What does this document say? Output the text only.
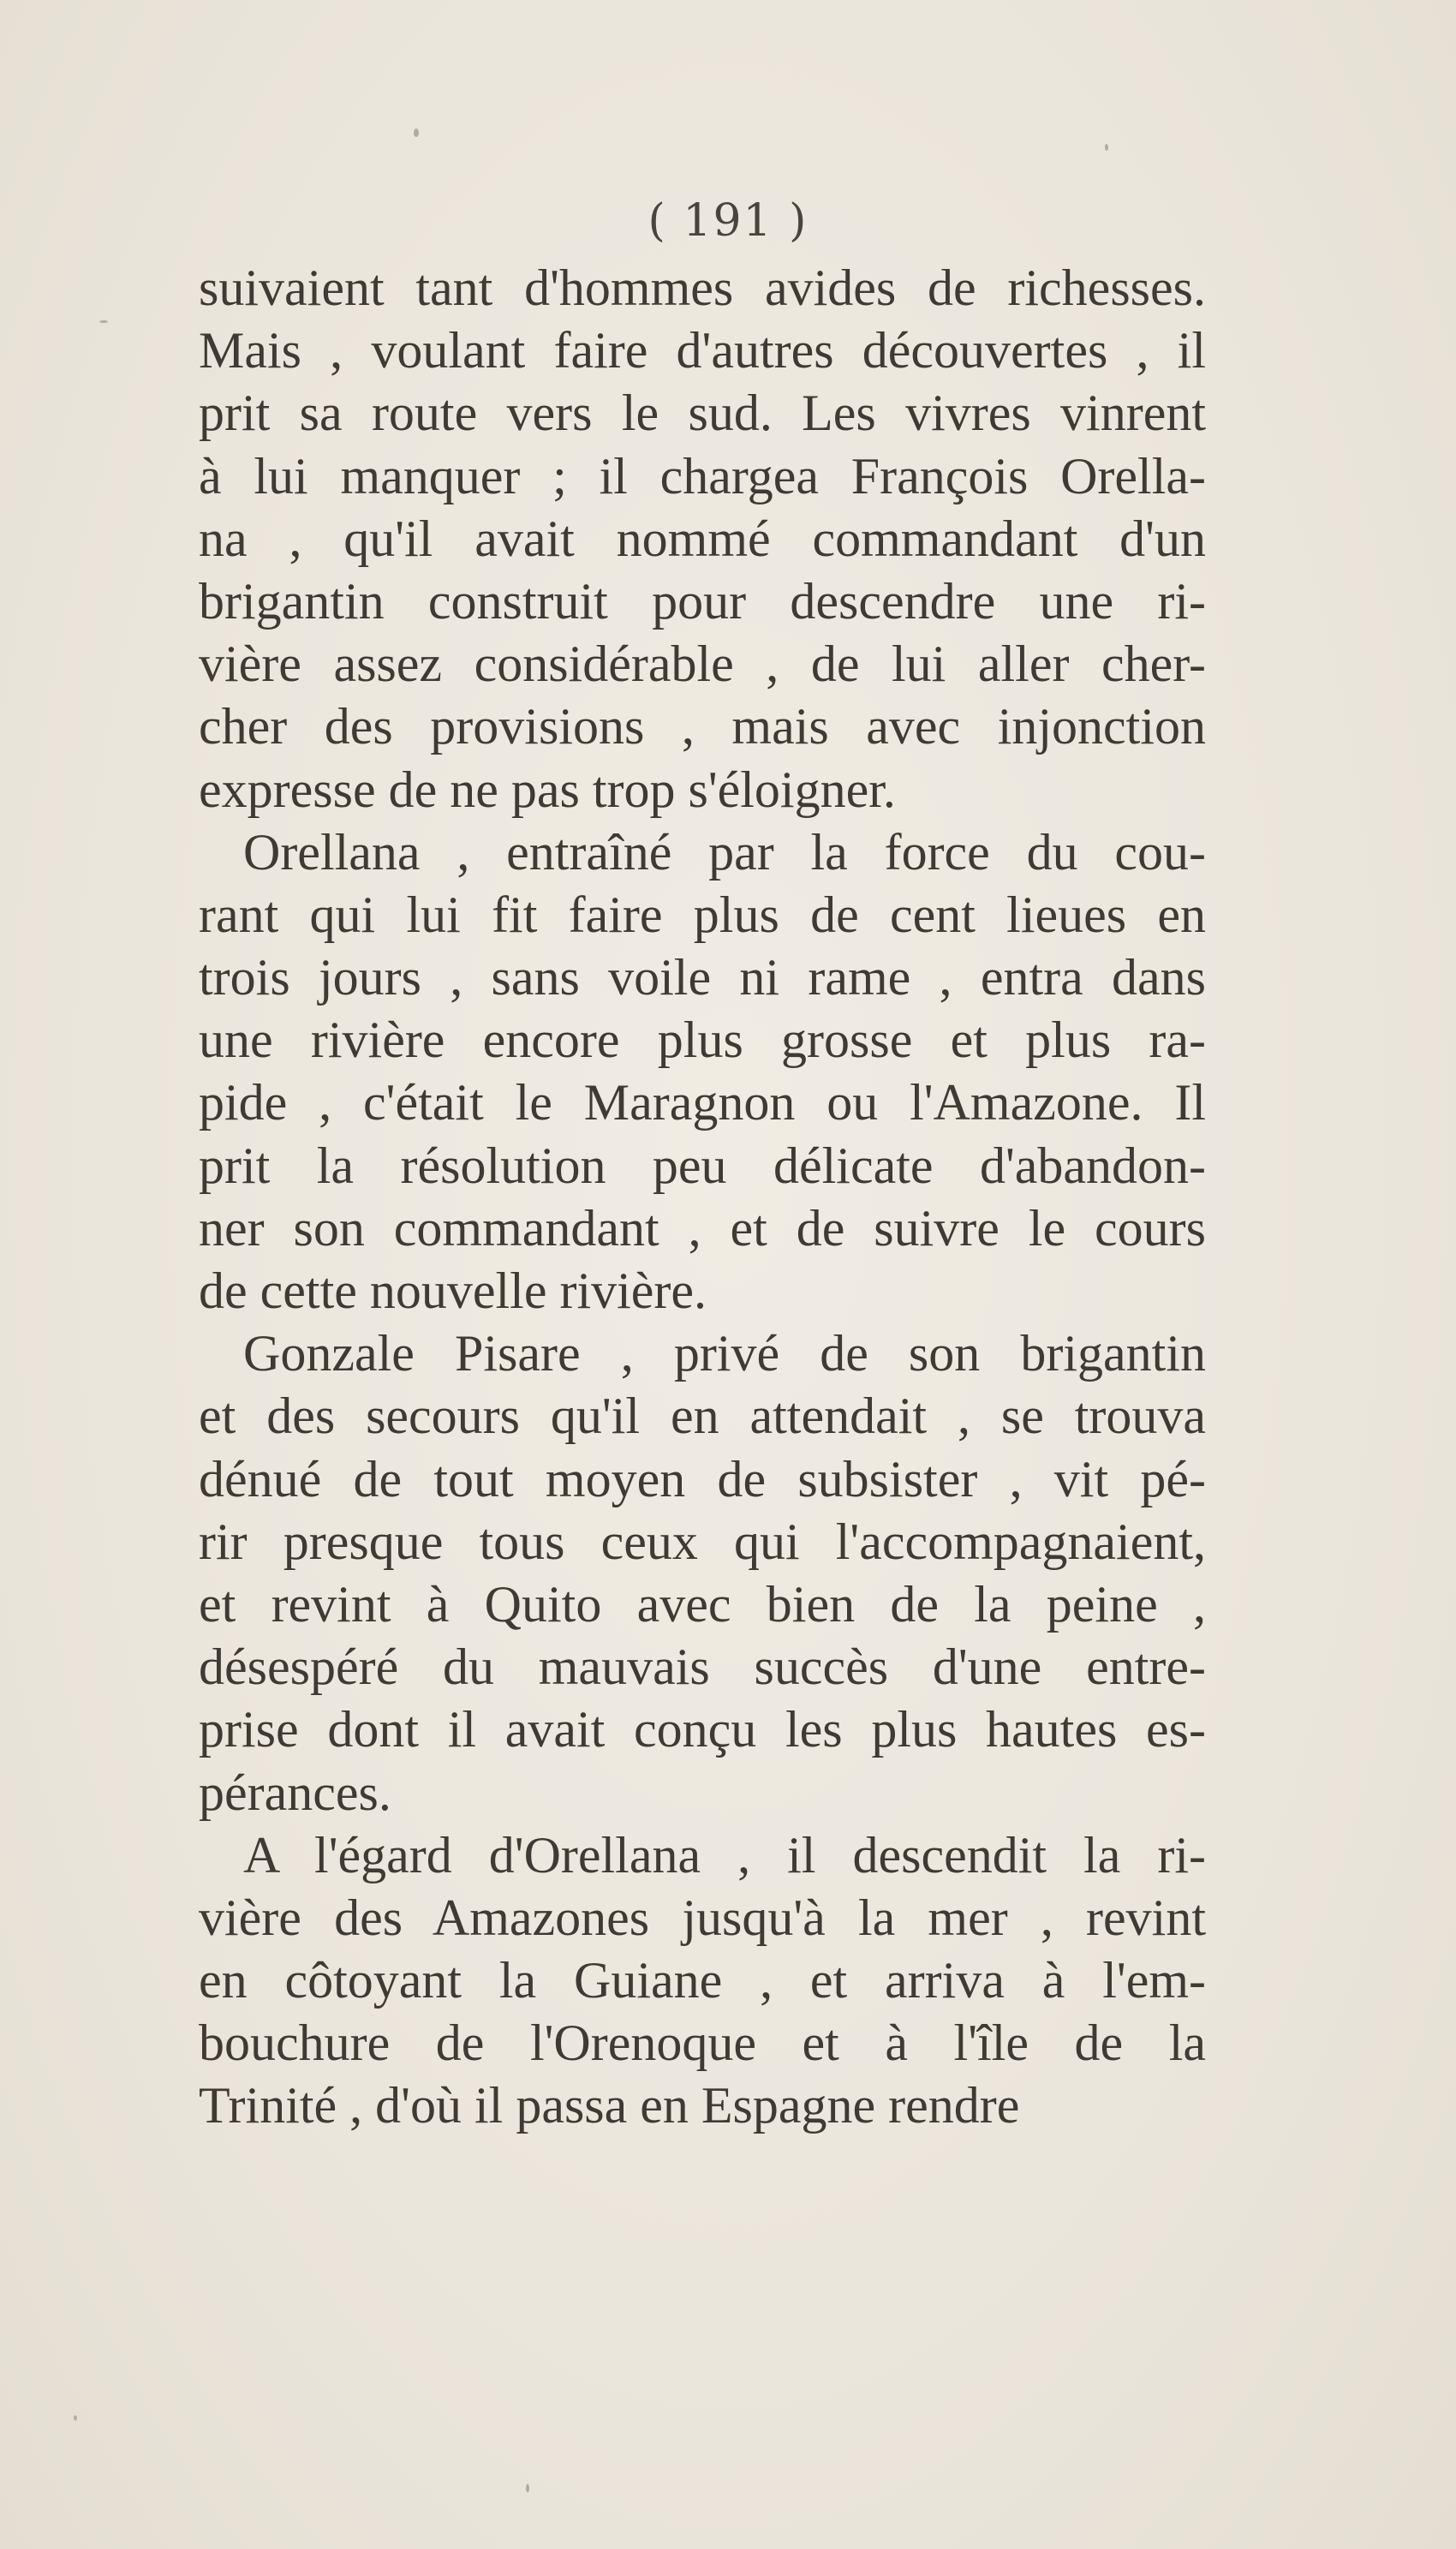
( 191 )
suivaient tant d'hommes avides de richesses.
Mais , voulant faire d'autres découvertes , il
prit sa route vers le sud. Les vivres vinrent
à lui manquer ; il chargea François Orella-
na , qu'il avait nommé commandant d'un
brigantin construit pour descendre une ri-
vière assez considérable , de lui aller cher-
cher des provisions , mais avec injonction
expresse de ne pas trop s'éloigner.
Orellana , entraîné par la force du cou-
rant qui lui fit faire plus de cent lieues en
trois jours , sans voile ni rame , entra dans
une rivière encore plus grosse et plus ra-
pide , c'était le Maragnon ou l'Amazone. Il
prit la résolution peu délicate d'abandon-
ner son commandant , et de suivre le cours
de cette nouvelle rivière.
Gonzale Pisare , privé de son brigantin
et des secours qu'il en attendait , se trouva
dénué de tout moyen de subsister , vit pé-
rir presque tous ceux qui l'accompagnaient,
et revint à Quito avec bien de la peine ,
désespéré du mauvais succès d'une entre-
prise dont il avait conçu les plus hautes es-
pérances.
A l'égard d'Orellana , il descendit la ri-
vière des Amazones jusqu'à la mer , revint
en côtoyant la Guiane , et arriva à l'em-
bouchure de l'Orenoque et à l'île de la
Trinité , d'où il passa en Espagne rendre
